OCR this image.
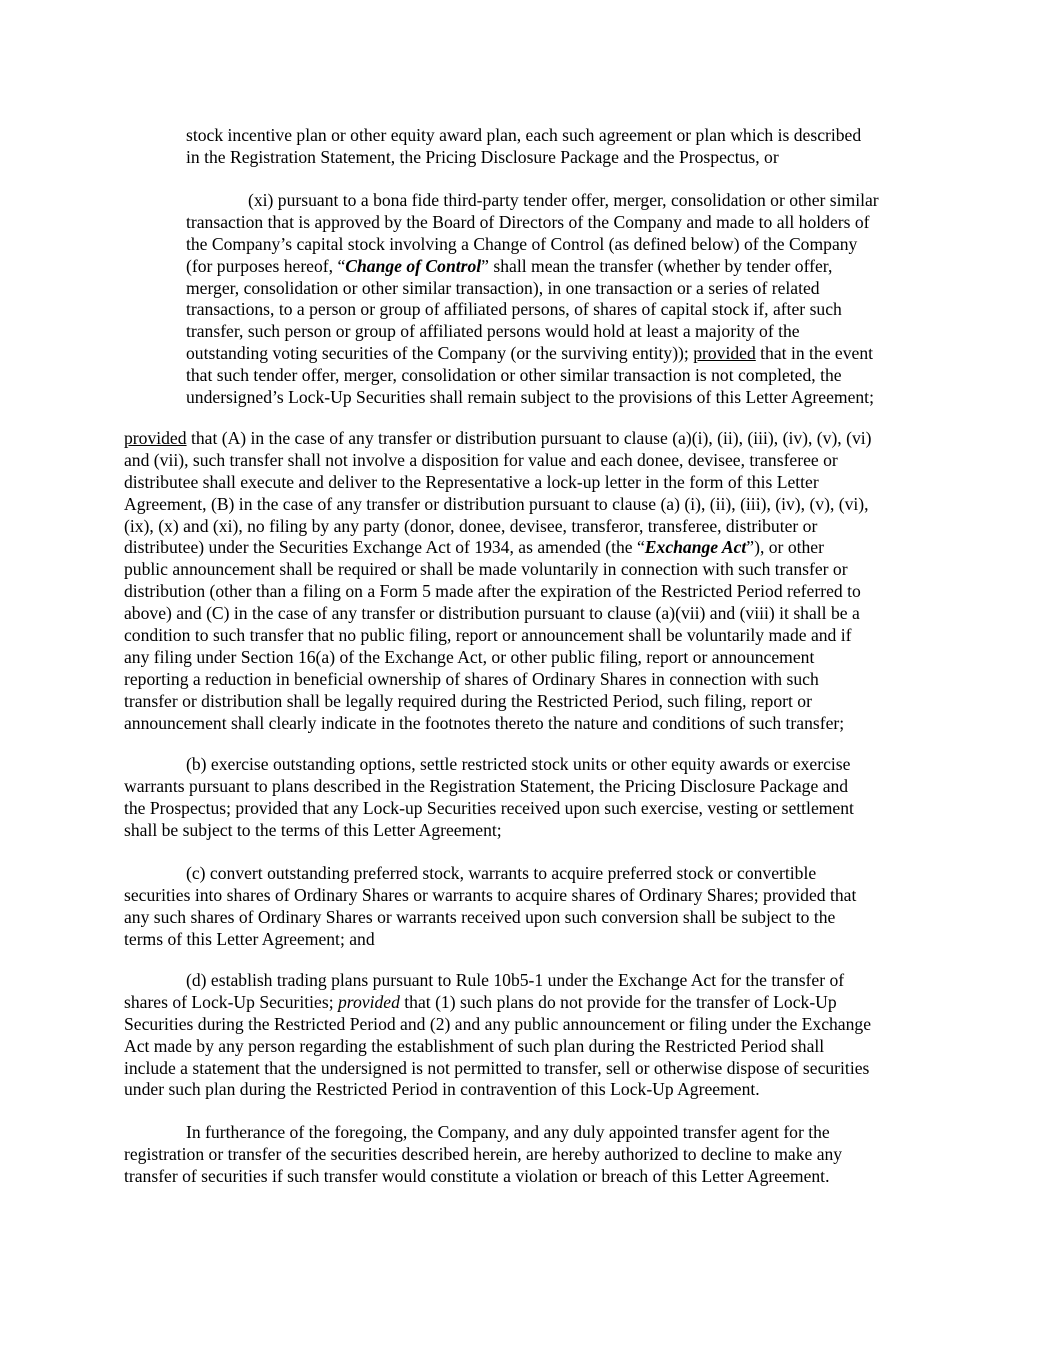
stock incentive plan or other equity award plan, each such agreement or plan which is described
in the Registration Statement, the Pricing Disclosure Package and the Prospectus, or
(xi) pursuant to a bona fide third-party tender offer, merger, consolidation or other similar
transaction that is approved by the Board of Directors of the Company and made to all holders of
the Company’s capital stock involving a Change of Control (as defined below) of the Company
(for purposes hereof, “Change of Control” shall mean the transfer (whether by tender offer,
merger, consolidation or other similar transaction), in one transaction or a series of related
transactions, to a person or group of affiliated persons, of shares of capital stock if, after such
transfer, such person or group of affiliated persons would hold at least a majority of the
outstanding voting securities of the Company (or the surviving entity)); provided that in the event
that such tender offer, merger, consolidation or other similar transaction is not completed, the
undersigned’s Lock-Up Securities shall remain subject to the provisions of this Letter Agreement;
provided that (A) in the case of any transfer or distribution pursuant to clause (a)(i), (ii), (iii), (iv), (v), (vi)
and (vii), such transfer shall not involve a disposition for value and each donee, devisee, transferee or
distributee shall execute and deliver to the Representative a lock-up letter in the form of this Letter
Agreement, (B) in the case of any transfer or distribution pursuant to clause (a) (i), (ii), (iii), (iv), (v), (vi),
(ix), (x) and (xi), no filing by any party (donor, donee, devisee, transferor, transferee, distributer or
distributee) under the Securities Exchange Act of 1934, as amended (the “Exchange Act”), or other
public announcement shall be required or shall be made voluntarily in connection with such transfer or
distribution (other than a filing on a Form 5 made after the expiration of the Restricted Period referred to
above) and (C) in the case of any transfer or distribution pursuant to clause (a)(vii) and (viii) it shall be a
condition to such transfer that no public filing, report or announcement shall be voluntarily made and if
any filing under Section 16(a) of the Exchange Act, or other public filing, report or announcement
reporting a reduction in beneficial ownership of shares of Ordinary Shares in connection with such
transfer or distribution shall be legally required during the Restricted Period, such filing, report or
announcement shall clearly indicate in the footnotes thereto the nature and conditions of such transfer;
(b) exercise outstanding options, settle restricted stock units or other equity awards or exercise
warrants pursuant to plans described in the Registration Statement, the Pricing Disclosure Package and
the Prospectus; provided that any Lock-up Securities received upon such exercise, vesting or settlement
shall be subject to the terms of this Letter Agreement;
(c) convert outstanding preferred stock, warrants to acquire preferred stock or convertible
securities into shares of Ordinary Shares or warrants to acquire shares of Ordinary Shares; provided that
any such shares of Ordinary Shares or warrants received upon such conversion shall be subject to the
terms of this Letter Agreement; and
(d) establish trading plans pursuant to Rule 10b5-1 under the Exchange Act for the transfer of
shares of Lock-Up Securities; provided that (1) such plans do not provide for the transfer of Lock-Up
Securities during the Restricted Period and (2) and any public announcement or filing under the Exchange
Act made by any person regarding the establishment of such plan during the Restricted Period shall
include a statement that the undersigned is not permitted to transfer, sell or otherwise dispose of securities
under such plan during the Restricted Period in contravention of this Lock-Up Agreement.
In furtherance of the foregoing, the Company, and any duly appointed transfer agent for the
registration or transfer of the securities described herein, are hereby authorized to decline to make any
transfer of securities if such transfer would constitute a violation or breach of this Letter Agreement.
